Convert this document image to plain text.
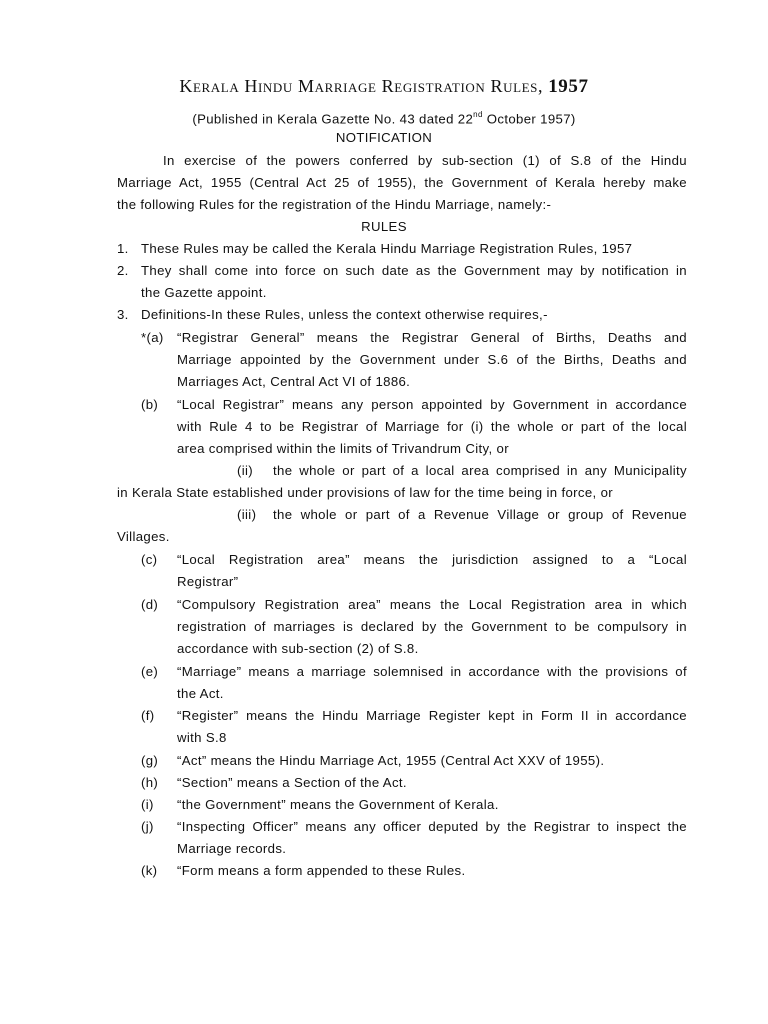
Kerala Hindu Marriage Registration Rules, 1957
(Published in Kerala Gazette No. 43 dated 22nd October 1957)
NOTIFICATION
In exercise of the powers conferred by sub-section (1) of S.8 of the Hindu
Marriage Act, 1955 (Central Act 25 of 1955), the Government of Kerala hereby make
the following Rules for the registration of the Hindu Marriage, namely:-
RULES
1. These Rules may be called the Kerala Hindu Marriage Registration Rules, 1957
2. They shall come into force on such date as the Government may by notification in
the Gazette appoint.
3. Definitions-In these Rules, unless the context otherwise requires,-
*(a) “Registrar General” means the Registrar General of Births, Deaths and
Marriage appointed by the Government under S.6 of the Births, Deaths and
Marriages Act, Central Act VI of 1886.
(b) “Local Registrar” means any person appointed by Government in accordance
with Rule 4 to be Registrar of Marriage for (i) the whole or part of the local
area comprised within the limits of Trivandrum City, or
(ii) the whole or part of a local area comprised in any Municipality
in Kerala State established under provisions of law for the time being in force, or
(iii) the whole or part of a Revenue Village or group of Revenue
Villages.
(c) “Local Registration area” means the jurisdiction assigned to a “Local
Registrar”
(d) “Compulsory Registration area” means the Local Registration area in which
registration of marriages is declared by the Government to be compulsory in
accordance with sub-section (2) of S.8.
(e) “Marriage” means a marriage solemnised in accordance with the provisions of
the Act.
(f) “Register” means the Hindu Marriage Register kept in Form II in accordance
with S.8
(g) “Act” means the Hindu Marriage Act, 1955 (Central Act XXV of 1955).
(h) “Section” means a Section of the Act.
(i) “the Government” means the Government of Kerala.
(j) “Inspecting Officer” means any officer deputed by the Registrar to inspect the
Marriage records.
(k) “Form means a form appended to these Rules.
